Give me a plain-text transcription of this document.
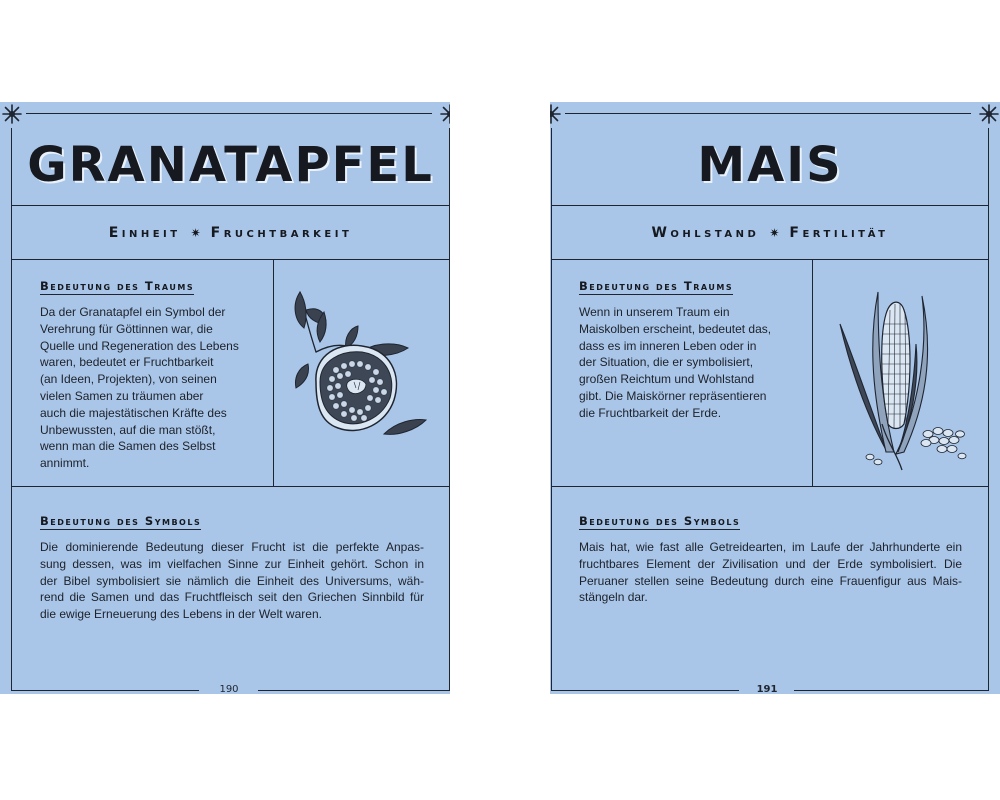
GRANATAPFEL
Einheit ✷ Fruchtbarkeit
Bedeutung des Traums
Da der Granatapfel ein Symbol der
Verehrung für Göttinnen war, die
Quelle und Regeneration des Lebens
waren, bedeutet er Fruchtbarkeit
(an Ideen, Projekten), von seinen
vielen Samen zu träumen aber
auch die majestätischen Kräfte des
Unbewussten, auf die man stößt,
wenn man die Samen des Selbst
annimmt.
Bedeutung des Symbols
Die dominierende Bedeutung dieser Frucht ist die perfekte Anpas-
sung dessen, was im vielfachen Sinne zur Einheit gehört. Schon in
der Bibel symbolisiert sie nämlich die Einheit des Universums, wäh-
rend die Samen und das Fruchtfleisch seit den Griechen Sinnbild für
die ewige Erneuerung des Lebens in der Welt waren.
190
MAIS
Wohlstand ✷ Fertilität
Bedeutung des Traums
Wenn in unserem Traum ein
Maiskolben erscheint, bedeutet das,
dass es im inneren Leben oder in
der Situation, die er symbolisiert,
großen Reichtum und Wohlstand
gibt. Die Maiskörner repräsentieren
die Fruchtbarkeit der Erde.
Bedeutung des Symbols
Mais hat, wie fast alle Getreidearten, im Laufe der Jahrhunderte ein
fruchtbares Element der Zivilisation und der Erde symbolisiert. Die
Peruaner stellen seine Bedeutung durch eine Frauenfigur aus Mais-
stängeln dar.
191
